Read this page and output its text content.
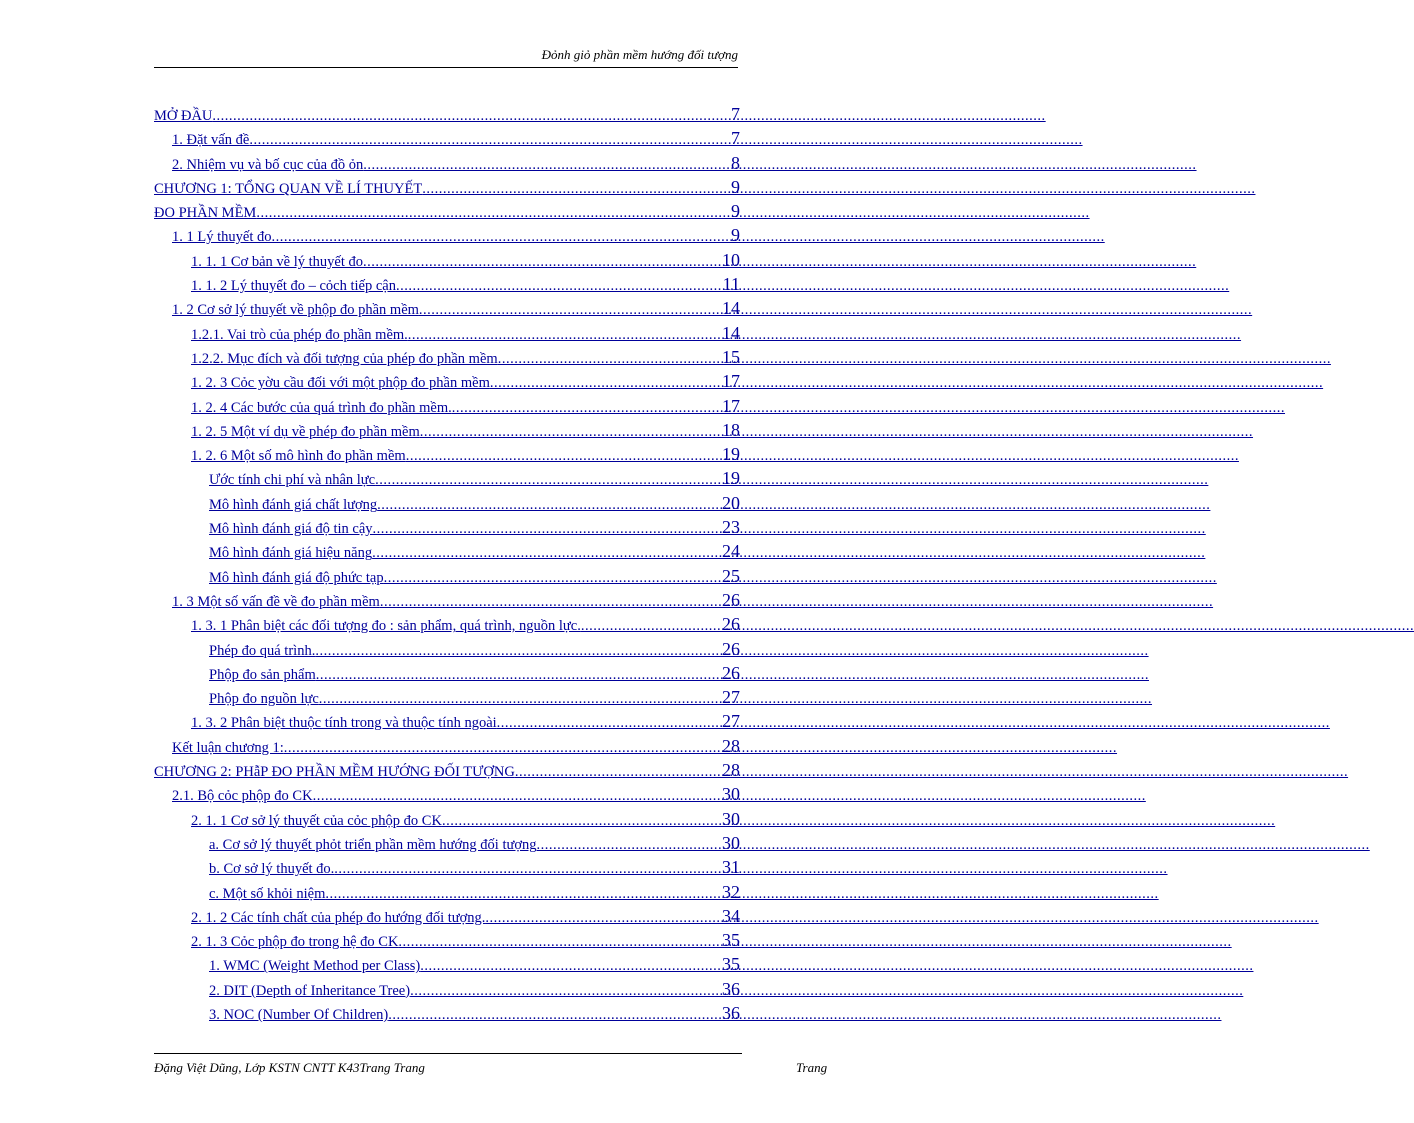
Đỏnh giỏ phần mềm hướng đối tượng
MỞ ĐẦU .....	7
1. Đặt vấn đề .....	7
2. Nhiệm vụ và bố cục của đồ ỏn .....	8
CHƯƠNG 1: TỔNG QUAN VỀ LÍ THUYẾT .....	9
ĐO PHẦN MỀM .....	9
1. 1 Lý thuyết đo .....	9
1. 1. 1 Cơ bản về lý thuyết đo .....	10
1. 1. 2 Lý thuyết đo – cỏch tiếp cận .....	11
1. 2 Cơ sở lý thuyết về phộp đo phần mềm .....	14
1.2.1. Vai trò của phép đo phần mềm. .....	14
1.2.2. Mục đích và đối tượng của phép đo phần mềm .....	15
1. 2. 3 Cỏc yờu cầu đối với một phộp đo phần mềm .....	17
1. 2. 4 Các bước của quá trình đo phần mềm. .....	17
1. 2. 5 Một ví dụ về phép đo phần mềm .....	18
1. 2. 6 Một số mô hình đo phần mềm .....	19
Ước tính chi phí và nhân lực .....	19
Mô hình đánh giá chất lượng .....	20
Mô hình đánh giá độ tin cậy .....	23
Mô hình đánh giá hiệu năng .....	24
Mô hình đánh giá độ phức tạp .....	25
1. 3 Một số vấn đề về đo phần mềm .....	26
1. 3. 1 Phân biệt các đối tượng đo : sản phẩm, quá trình, nguồn lực. .....	26
Phép đo quá trình. .....	26
Phộp đo sản phẩm .....	26
Phộp đo nguồn lực .....	27
1. 3. 2 Phân biệt thuộc tính trong và thuộc tính ngoài .....	27
Kết luận chương 1: .....	28
CHƯƠNG 2: PHẫP ĐO PHẦN MỀM HƯỚNG ĐỐI TƯỢNG .....	28
2.1. Bộ cỏc phộp đo CK .....	30
2. 1. 1 Cơ sở lý thuyết của cỏc phộp đo CK .....	30
a. Cơ sở lý thuyết phỏt triển phần mềm hướng đối tượng .....	30
b. Cơ sở lý thuyết đo. .....	31
c. Một số khỏi niệm .....	32
2. 1. 2 Các tính chất của phép đo hướng đối tượng. .....	34
2. 1. 3 Cỏc phộp đo trong hệ đo CK .....	35
1. WMC (Weight Method per Class) .....	35
2. DIT (Depth of Inheritance Tree) .....	36
3. NOC (Number Of Children) .....	36
Đặng Việt Dũng, Lớp KSTN CNTT K43Trang Trang	Trang
